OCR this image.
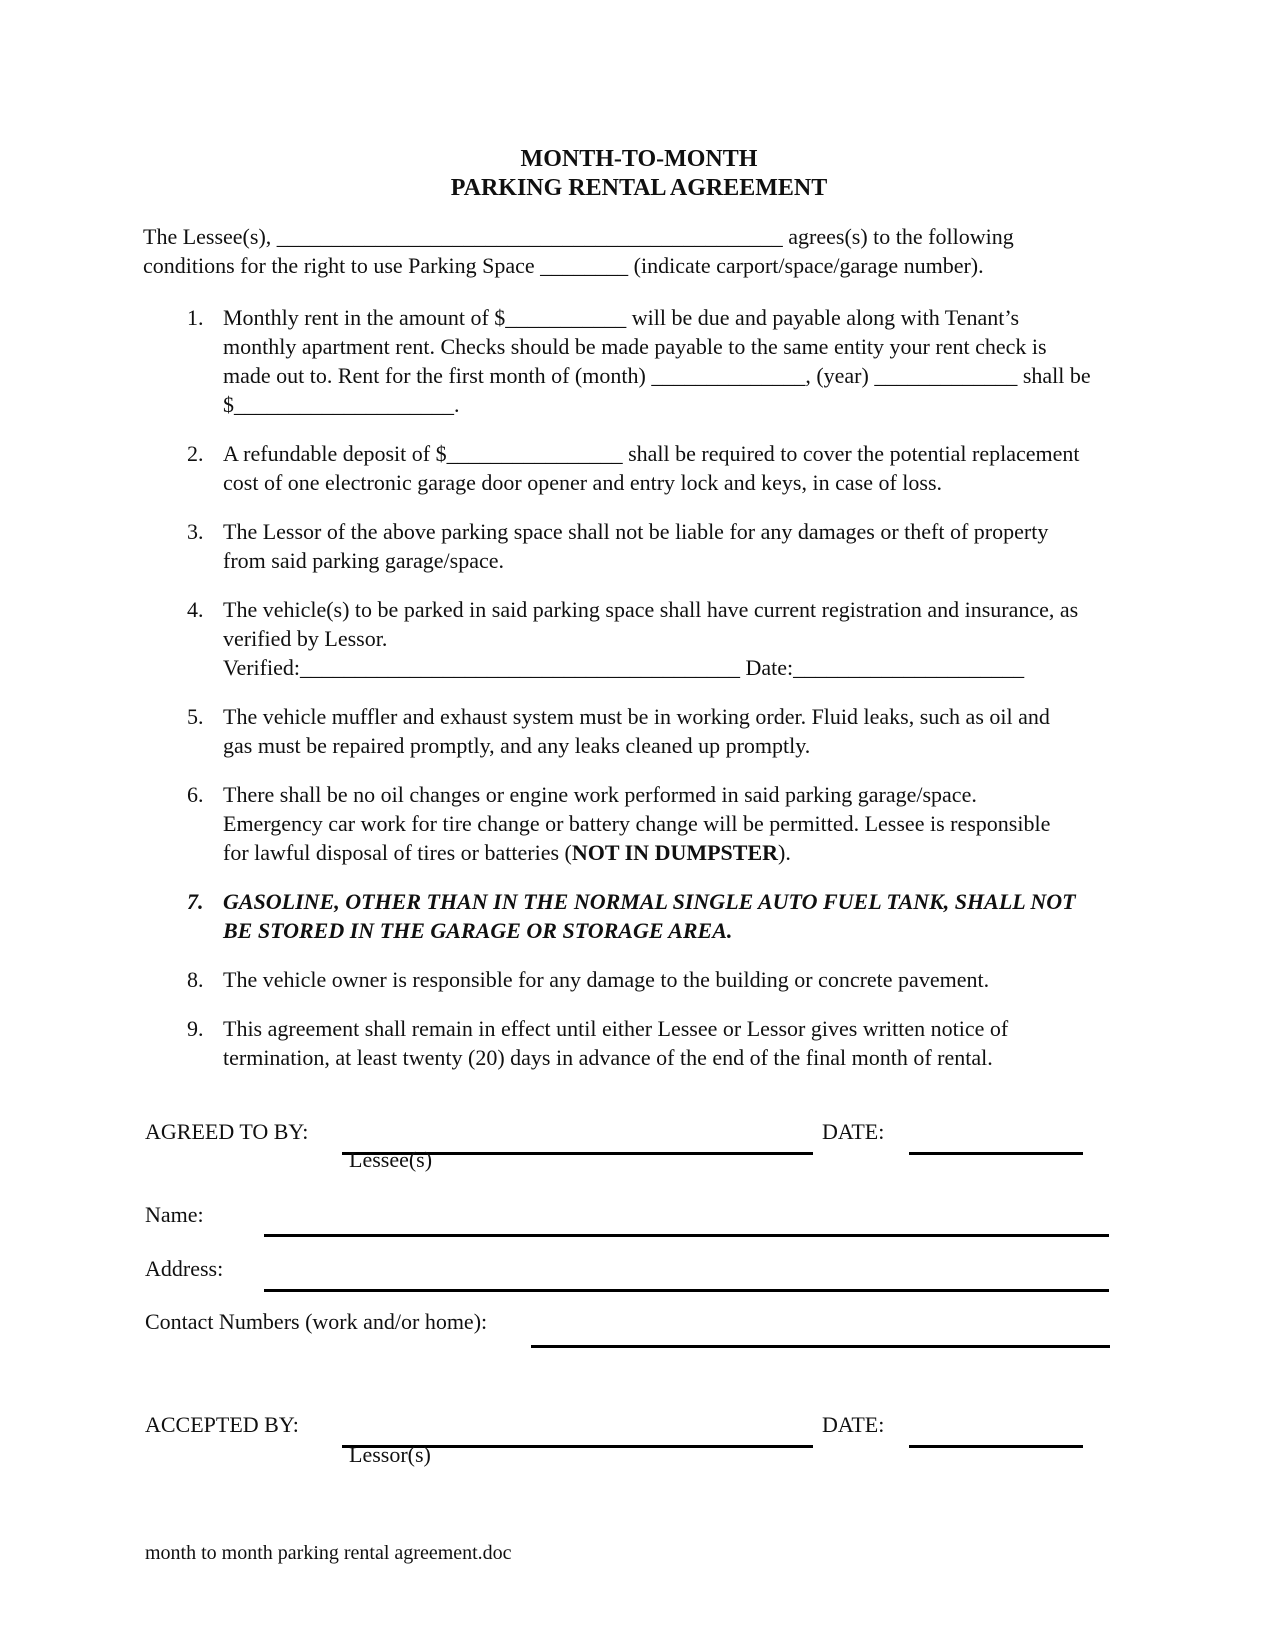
MONTH-TO-MONTH
PARKING RENTAL AGREEMENT
The Lessee(s), ______________________________________________ agrees(s) to the following
conditions for the right to use Parking Space ________ (indicate carport/space/garage number).
1. Monthly rent in the amount of $___________ will be due and payable along with Tenant’s
monthly apartment rent. Checks should be made payable to the same entity your rent check is
made out to. Rent for the first month of (month) ______________, (year) _____________ shall be
$____________________.
2. A refundable deposit of $________________ shall be required to cover the potential replacement
cost of one electronic garage door opener and entry lock and keys, in case of loss.
3. The Lessor of the above parking space shall not be liable for any damages or theft of property
from said parking garage/space.
4. The vehicle(s) to be parked in said parking space shall have current registration and insurance, as
verified by Lessor.
Verified:________________________________________ Date:_____________________
5. The vehicle muffler and exhaust system must be in working order. Fluid leaks, such as oil and
gas must be repaired promptly, and any leaks cleaned up promptly.
6. There shall be no oil changes or engine work performed in said parking garage/space.
Emergency car work for tire change or battery change will be permitted. Lessee is responsible
for lawful disposal of tires or batteries (NOT IN DUMPSTER).
7. GASOLINE, OTHER THAN IN THE NORMAL SINGLE AUTO FUEL TANK, SHALL NOT
BE STORED IN THE GARAGE OR STORAGE AREA.
8. The vehicle owner is responsible for any damage to the building or concrete pavement.
9. This agreement shall remain in effect until either Lessee or Lessor gives written notice of
termination, at least twenty (20) days in advance of the end of the final month of rental.
AGREED TO BY:	DATE:
Lessee(s)
Name:
Address:
Contact Numbers (work and/or home):
ACCEPTED BY:	DATE:
Lessor(s)
month to month parking rental agreement.doc
